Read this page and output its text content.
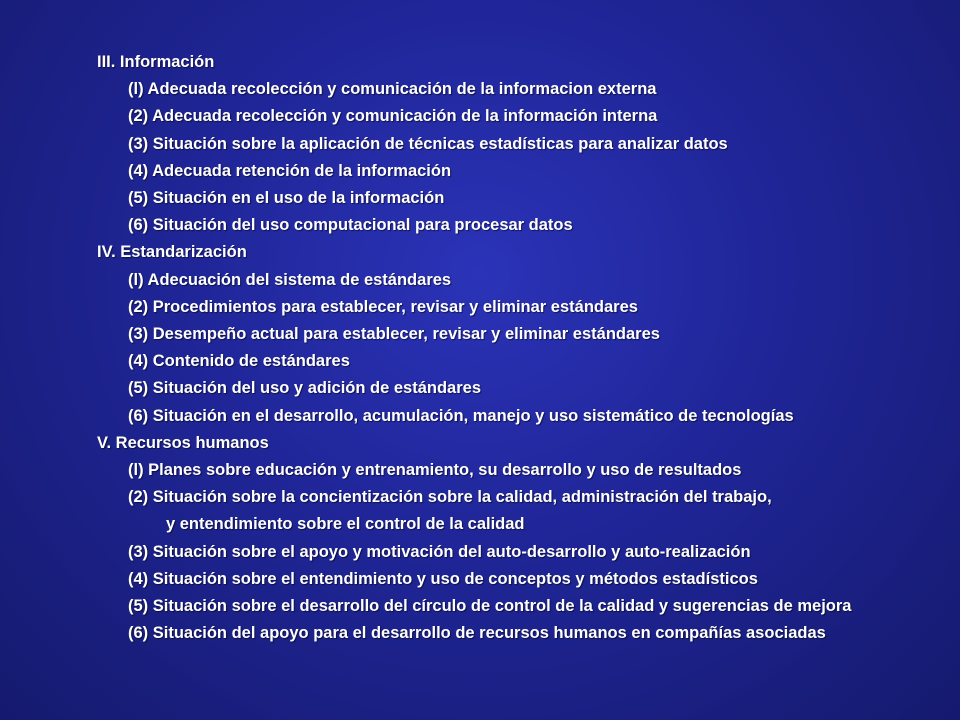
III. Información
(l) Adecuada recolección y comunicación de la informacion externa
(2) Adecuada recolección y comunicación de la información interna
(3) Situación sobre la aplicación de técnicas estadísticas para analizar datos
(4) Adecuada retención de la información
(5) Situación en el uso de la información
(6) Situación del uso computacional para procesar datos
IV. Estandarización
(l) Adecuación del sistema de estándares
(2) Procedimientos para establecer, revisar y eliminar estándares
(3) Desempeño actual para establecer, revisar y eliminar estándares
(4) Contenido de estándares
(5) Situación del uso y adición de estándares
(6) Situación en el desarrollo, acumulación, manejo y uso sistemático de tecnologías
V. Recursos humanos
(l) Planes sobre educación y entrenamiento, su desarrollo y uso de resultados
(2) Situación sobre la concientización sobre la calidad, administración del trabajo,
y entendimiento sobre el control de la calidad
(3) Situación sobre el apoyo y motivación del auto-desarrollo y auto-realización
(4) Situación sobre el entendimiento y uso de conceptos y métodos estadísticos
(5) Situación sobre el desarrollo del círculo de control de la calidad y sugerencias de mejora
(6) Situación del apoyo para el desarrollo de recursos humanos en compañías asociadas
